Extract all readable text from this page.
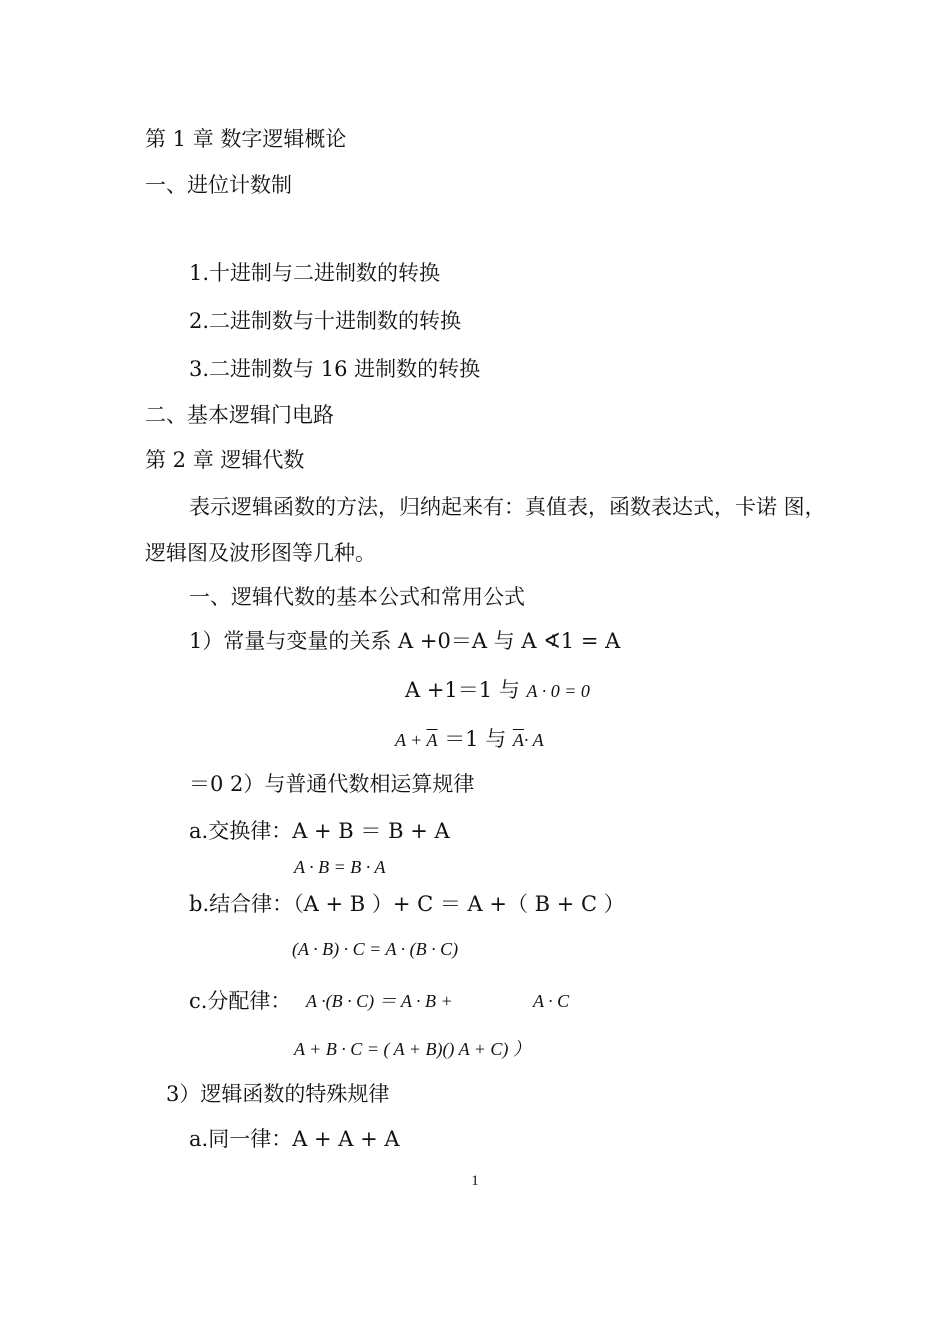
第 1 章 数字逻辑概论
一、进位计数制
1.十进制与二进制数的转换
2.二进制数与十进制数的转换
3.二进制数与 16 进制数的转换
二、基本逻辑门电路
第 2 章 逻辑代数
表示逻辑函数的方法，归纳起来有：真值表，函数表达式，卡诺 图，
逻辑图及波形图等几种。
一、逻辑代数的基本公式和常用公式
1）常量与变量的关系 A +0＝A 与 A ∢1 = A
A +1＝1 与 A · 0 = 0
$A + \overline{A} =1$ 与 $\overline{A}\cdot A$
＝0 2）与普通代数相运算规律
a.交换律：A + B ＝ B + A
A · B = B · A
b.结合律：（A + B ）+ C ＝ A +（ B + C ）
(A · B) · C = A · (B · C)
c.分配律： A ·(B · C) ＝ A · B +	A · C
A + B · C = ( A + B)() A + C) ）
3）逻辑函数的特殊规律
a.同一律：A + A + A
1
